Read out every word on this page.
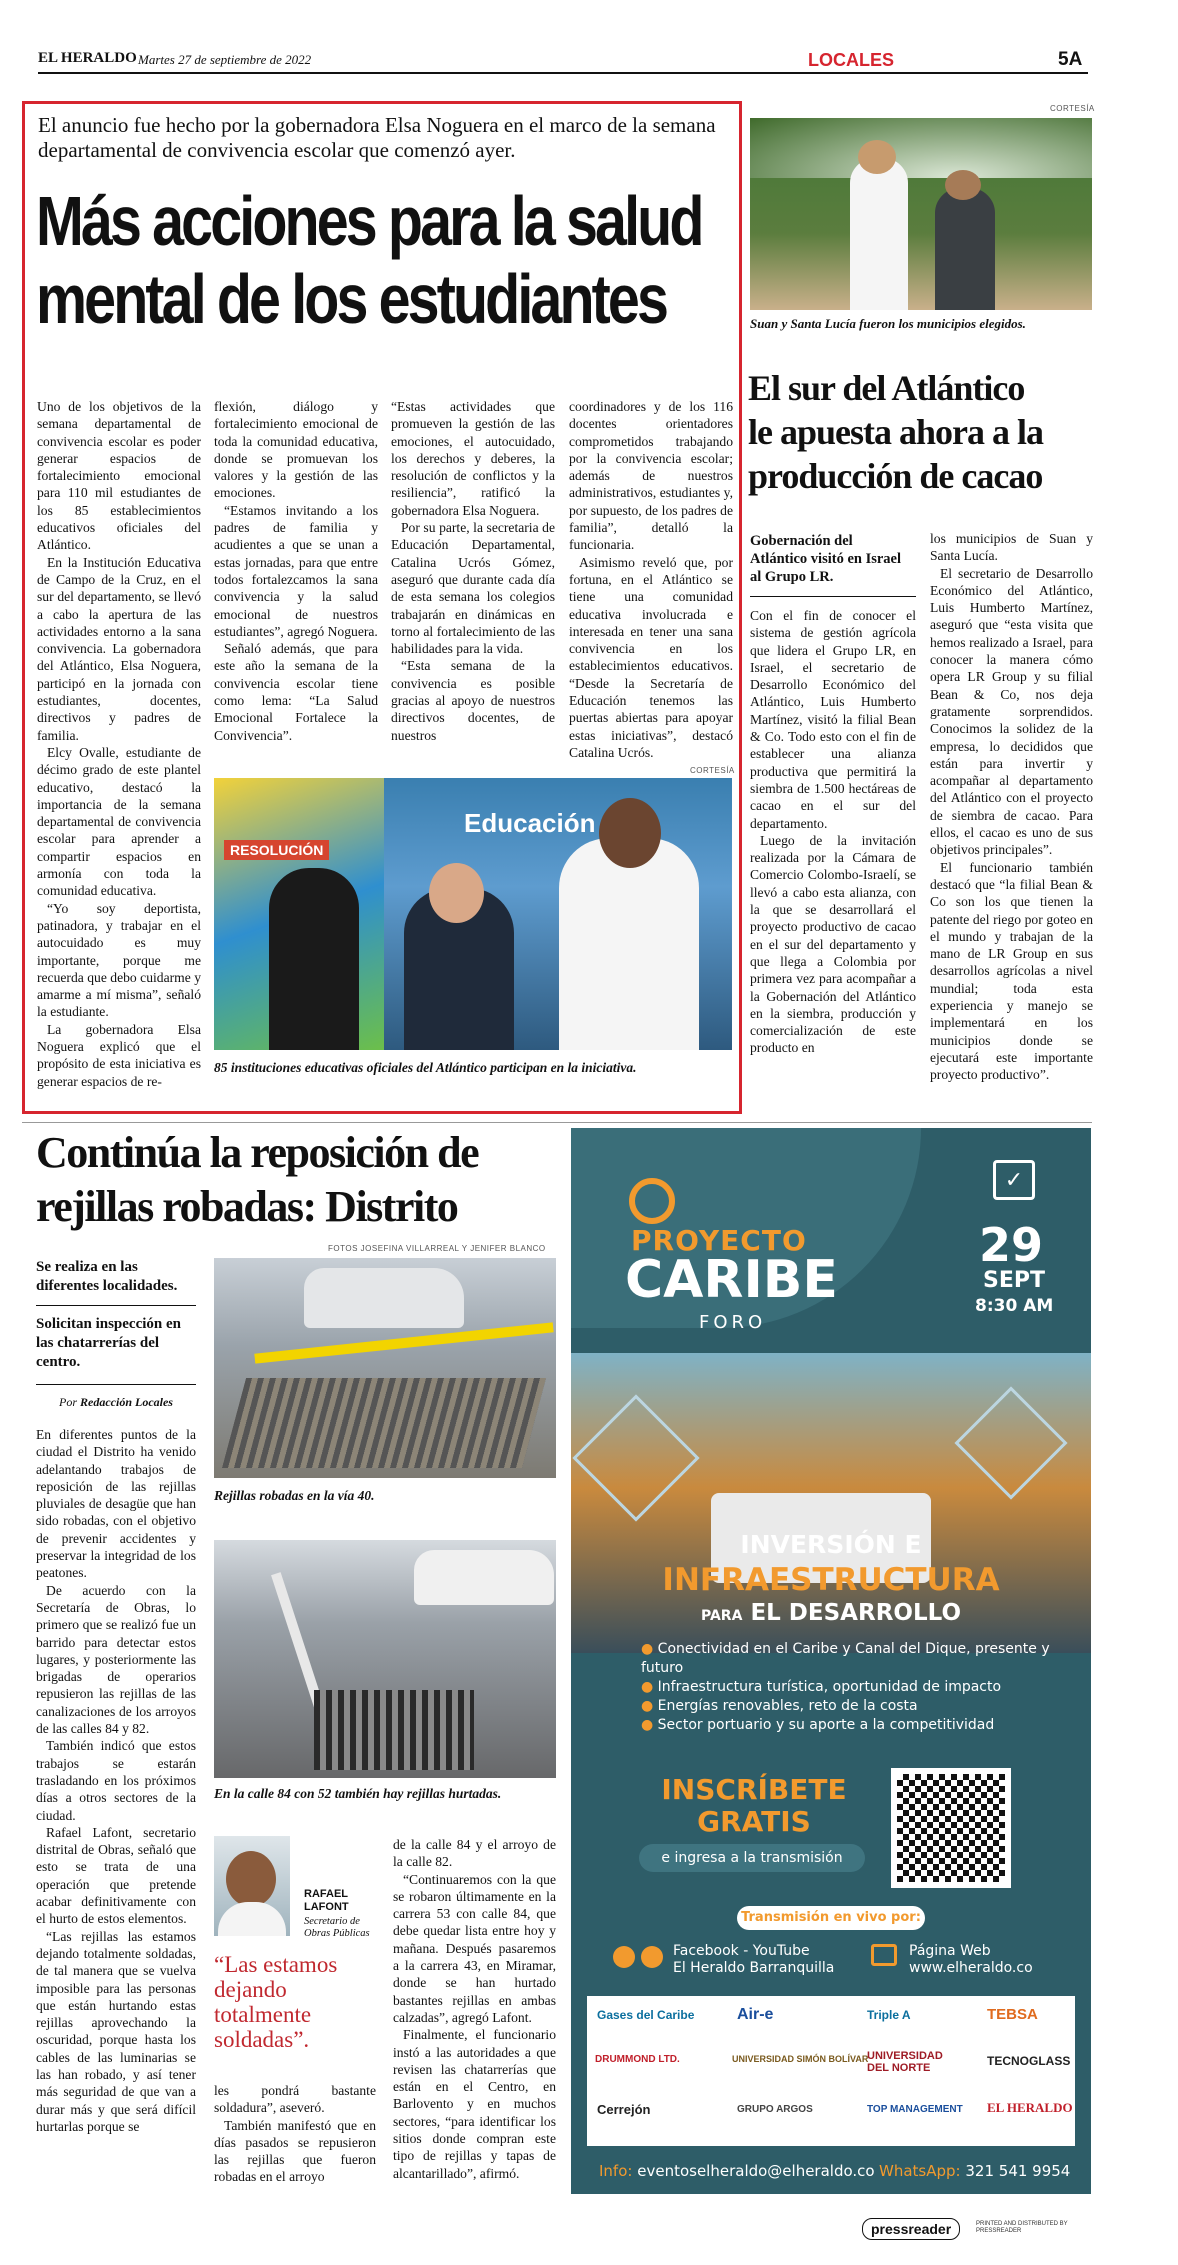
EL HERALDO Martes 27 de septiembre de 2022	LOCALES	5A
El anuncio fue hecho por la gobernadora Elsa Noguera en el marco de la semana departamental de convivencia escolar que comenzó ayer.
Más acciones para la salud
mental de los estudiantes

Uno de los objetivos de la semana departamental de convivencia escolar es poder generar espacios de fortalecimiento emocional para 110 mil estudiantes de los 85 establecimientos educativos oficiales del Atlántico.

En la Institución Educativa de Campo de la Cruz, en el sur del departamento, se llevó a cabo la apertura de las actividades entorno a la sana convivencia. La gobernadora del Atlántico, Elsa Noguera, participó en la jornada con estudiantes, docentes, directivos y padres de familia.

Elcy Ovalle, estudiante de décimo grado de este plantel educativo, destacó la importancia de la semana departamental de convivencia escolar para aprender a compartir espacios en armonía con toda la comunidad educativa.

“Yo soy deportista, patinadora, y trabajar en el autocuidado es muy importante, porque me recuerda que debo cuidarme y amarme a mí misma”, señaló la estudiante.

La gobernadora Elsa Noguera explicó que el propósito de esta iniciativa es generar espacios de re-

flexión, diálogo y fortalecimiento emocional de toda la comunidad educativa, donde se promuevan los valores y la gestión de las emociones.

“Estamos invitando a los padres de familia y acudientes a que se unan a estas jornadas, para que entre todos fortalezcamos la sana convivencia y la salud emocional de nuestros estudiantes”, agregó Noguera.

Señaló además, que para este año la semana de la convivencia escolar tiene como lema: “La Salud Emocional Fortalece la Convivencia”.

“Estas actividades que promueven la gestión de las emociones, el autocuidado, los derechos y deberes, la resolución de conflictos y la resiliencia”, ratificó la gobernadora Elsa Noguera.

Por su parte, la secretaria de Educación Departamental, Catalina Ucrós Gómez, aseguró que durante cada día de esta semana los colegios trabajarán en dinámicas en torno al fortalecimiento de las habilidades para la vida.

“Esta semana de la convivencia es posible gracias al apoyo de nuestros directivos docentes, de nuestros

coordinadores y de los 116 docentes orientadores comprometidos trabajando por la convivencia escolar; además de nuestros administrativos, estudiantes y, por supuesto, de los padres de familia”, detalló la funcionaria.

Asimismo reveló que, por fortuna, en el Atlántico se tiene una comunidad educativa involucrada e interesada en tener una sana convivencia en los establecimientos educativos. “Desde la Secretaría de Educación tenemos las puertas abiertas para apoyar estas iniciativas”, destacó Catalina Ucrós.

CORTESÍA
RESOLUCIÓN
Educación
85 instituciones educativas oficiales del Atlántico participan en la iniciativa.
CORTESÍA
Suan y Santa Lucía fueron los municipios elegidos.
El sur del Atlántico
le apuesta ahora a la
producción de cacao
Gobernación del Atlántico visitó en Israel al Grupo LR.

Con el fin de conocer el sistema de gestión agrícola que lidera el Grupo LR, en Israel, el secretario de Desarrollo Económico del Atlántico, Luis Humberto Martínez, visitó la filial Bean & Co. Todo esto con el fin de establecer una alianza productiva que permitirá la siembra de 1.500 hectáreas de cacao en el sur del departamento.

Luego de la invitación realizada por la Cámara de Comercio Colombo-Israelí, se llevó a cabo esta alianza, con la que se desarrollará el proyecto productivo de cacao en el sur del departamento y que llega a Colombia por primera vez para acompañar a la Gobernación del Atlántico en la siembra, producción y comercialización de este producto en

los municipios de Suan y Santa Lucía.

El secretario de Desarrollo Económico del Atlántico, Luis Humberto Martínez, aseguró que “esta visita que hemos realizado a Israel, para conocer la manera cómo opera LR Group y su filial Bean & Co, nos deja gratamente sorprendidos. Conocimos la solidez de la empresa, lo decididos que están para invertir y acompañar al departamento del Atlántico con el proyecto de siembra de cacao. Para ellos, el cacao es uno de sus objetivos principales”.

El funcionario también destacó que “la filial Bean & Co son los que tienen la patente del riego por goteo en el mundo y trabajan de la mano de LR Group en sus desarrollos agrícolas a nivel mundial; toda esta experiencia y manejo se implementará en los municipios donde se ejecutará este importante proyecto productivo”.

Continúa la reposición de
rejillas robadas: Distrito
FOTOS JOSEFINA VILLARREAL Y JENIFER BLANCO
Se realiza en las diferentes localidades.
Solicitan inspección en las chatarrerías del centro.
Por Redacción Locales

En diferentes puntos de la ciudad el Distrito ha venido adelantando trabajos de reposición de las rejillas pluviales de desagüe que han sido robadas, con el objetivo de prevenir accidentes y preservar la integridad de los peatones.

De acuerdo con la Secretaría de Obras, lo primero que se realizó fue un barrido para detectar estos lugares, y posteriormente las brigadas de operarios repusieron las rejillas de las canalizaciones de los arroyos de las calles 84 y 82.

También indicó que estos trabajos se estarán trasladando en los próximos días a otros sectores de la ciudad.

Rafael Lafont, secretario distrital de Obras, señaló que esto se trata de una operación que pretende acabar definitivamente con el hurto de estos elementos.

“Las rejillas las estamos dejando totalmente soldadas, de tal manera que se vuelva imposible para las personas que están hurtando estas rejillas aprovechando la oscuridad, porque hasta los cables de las luminarias se las han robado, y así tener más seguridad de que van a durar más y que será difícil hurtarlas porque se

Rejillas robadas en la vía 40.
En la calle 84 con 52 también hay rejillas hurtadas.
RAFAEL
LAFONT
Secretario de Obras Públicas
“Las estamos dejando totalmente soldadas”.

les pondrá bastante soldadura”, aseveró.

También manifestó que en días pasados se repusieron las rejillas que fueron robadas en el arroyo

de la calle 84 y el arroyo de la calle 82.

“Continuaremos con la que se robaron últimamente en la carrera 53 con calle 84, que debe quedar lista entre hoy y mañana. Después pasaremos a la carrera 43, en Miramar, donde se han hurtado bastantes rejillas en ambas calzadas”, agregó Lafont.

Finalmente, el funcionario instó a las autoridades a que revisen las chatarrerías que están en el Centro, en Barlovento y en muchos sectores, “para identificar los sitios donde compran este tipo de rejillas y tapas de alcantarillado”, afirmó.

PROYECTO
CARIBE
FORO
✓
29
SEPT
8:30 AM
INVERSIÓN E
INFRAESTRUCTURA
PARA EL DESARROLLO
● Conectividad en el Caribe y Canal del Dique, presente y futuro
● Infraestructura turística, oportunidad de impacto
● Energías renovables, reto de la costa
● Sector portuario y su aporte a la competitividad
INSCRÍBETE
GRATIS
e ingresa a la transmisión
Transmisión en vivo por:
Facebook - YouTube
El Heraldo Barranquilla
Página Web
www.elheraldo.co
Gases del Caribe	Air-e	Triple A	TEBSA
DRUMMOND LTD.	UNIVERSIDAD SIMÓN BOLÍVAR
UNIVERSIDAD DEL NORTE	TECNOGLASS
Cerrejón	GRUPO ARGOS	TOP MANAGEMENT EL HERALDO
Info: eventoselheraldo@elheraldo.co WhatsApp: 321 541 9954
pressreader	PRINTED AND DISTRIBUTED BY PRESSREADER
